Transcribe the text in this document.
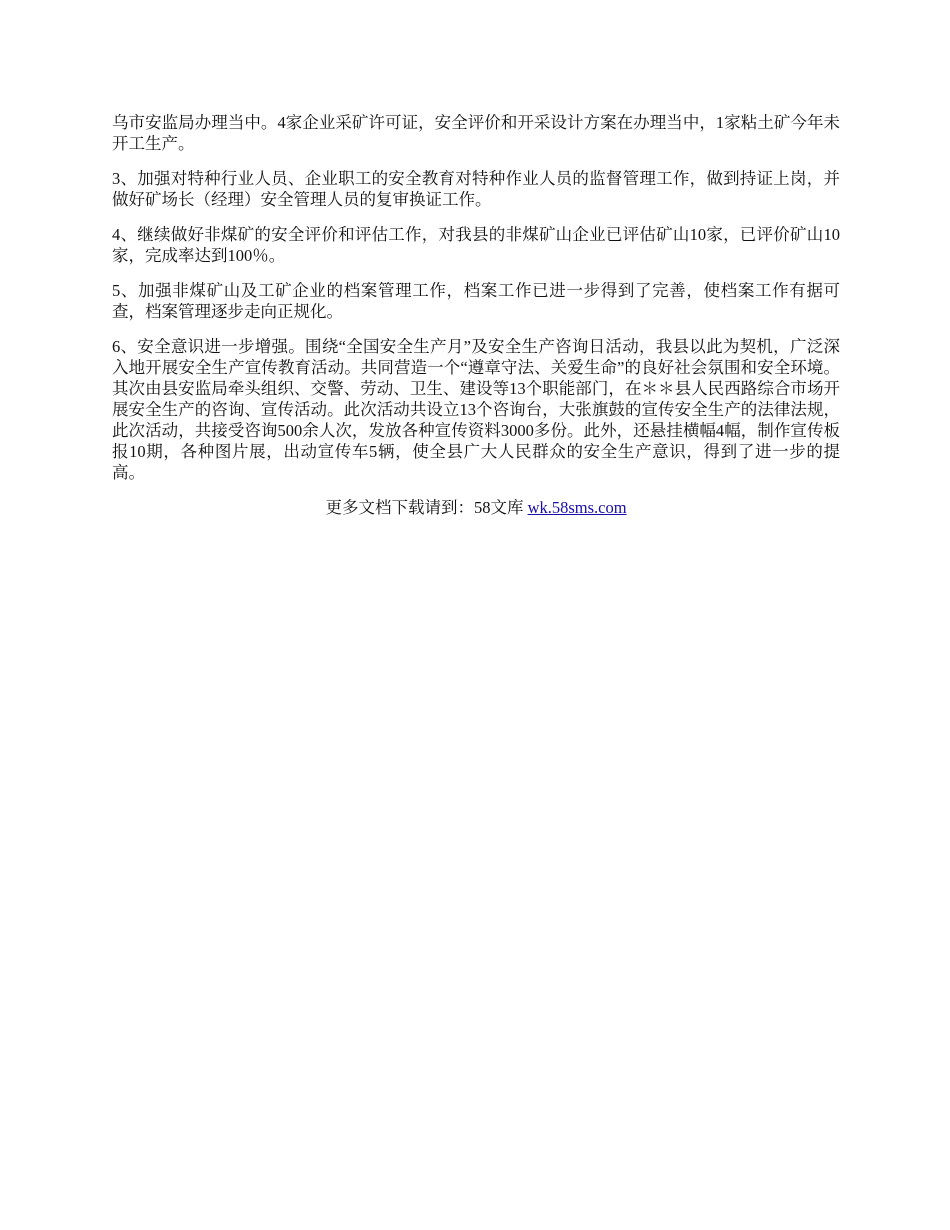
乌市安监局办理当中。4家企业采矿许可证，安全评价和开采设计方案在办理当中，1家粘土矿今年未开工生产。

3、加强对特种行业人员、企业职工的安全教育对特种作业人员的监督管理工作，做到持证上岗，并做好矿场长（经理）安全管理人员的复审换证工作。

4、继续做好非煤矿的安全评价和评估工作，对我县的非煤矿山企业已评估矿山10家，已评价矿山10家，完成率达到100％。

5、加强非煤矿山及工矿企业的档案管理工作，档案工作已进一步得到了完善，使档案工作有据可查，档案管理逐步走向正规化。

6、安全意识进一步增强。围绕“全国安全生产月”及安全生产咨询日活动，我县以此为契机，广泛深入地开展安全生产宣传教育活动。共同营造一个“遵章守法、关爱生命”的良好社会氛围和安全环境。其次由县安监局牵头组织、交警、劳动、卫生、建设等13个职能部门，在＊＊县人民西路综合市场开展安全生产的咨询、宣传活动。此次活动共设立13个咨询台，大张旗鼓的宣传安全生产的法律法规，此次活动，共接受咨询500余人次，发放各种宣传资料3000多份。此外，还悬挂横幅4幅，制作宣传板报10期，各种图片展，出动宣传车5辆，使全县广大人民群众的安全生产意识，得到了进一步的提高。

更多文档下载请到：58文库 wk.58sms.com
